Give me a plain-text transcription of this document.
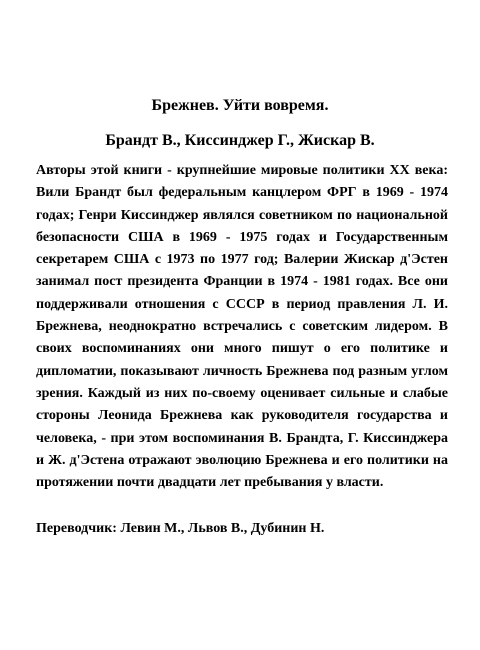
Брежнев. Уйти вовремя.
Брандт В., Киссинджер Г., Жискар В.

Авторы этой книги - крупнейшие мировые политики XX века: Вили Брандт был федеральным канцлером ФРГ в 1969 - 1974 годах; Генри Киссинджер являлся советником по национальной безопасности США в 1969 - 1975 годах и Государственным секретарем США с 1973 по 1977 год; Валерии Жискар д'Эстен занимал пост президента Франции в 1974 - 1981 годах. Все они поддерживали отношения с СССР в период правления Л. И. Брежнева, неоднократно встречались с советским лидером. В своих воспоминаниях они много пишут о его политике и дипломатии, показывают личность Брежнева под разным углом зрения. Каждый из них по-своему оценивает сильные и слабые стороны Леонида Брежнева как руководителя государства и человека, - при этом воспоминания В. Брандта, Г. Киссинджера и Ж. д'Эстена отражают эволюцию Брежнева и его политики на протяжении почти двадцати лет пребывания у власти.

Переводчик: Левин М., Львов В., Дубинин Н.
